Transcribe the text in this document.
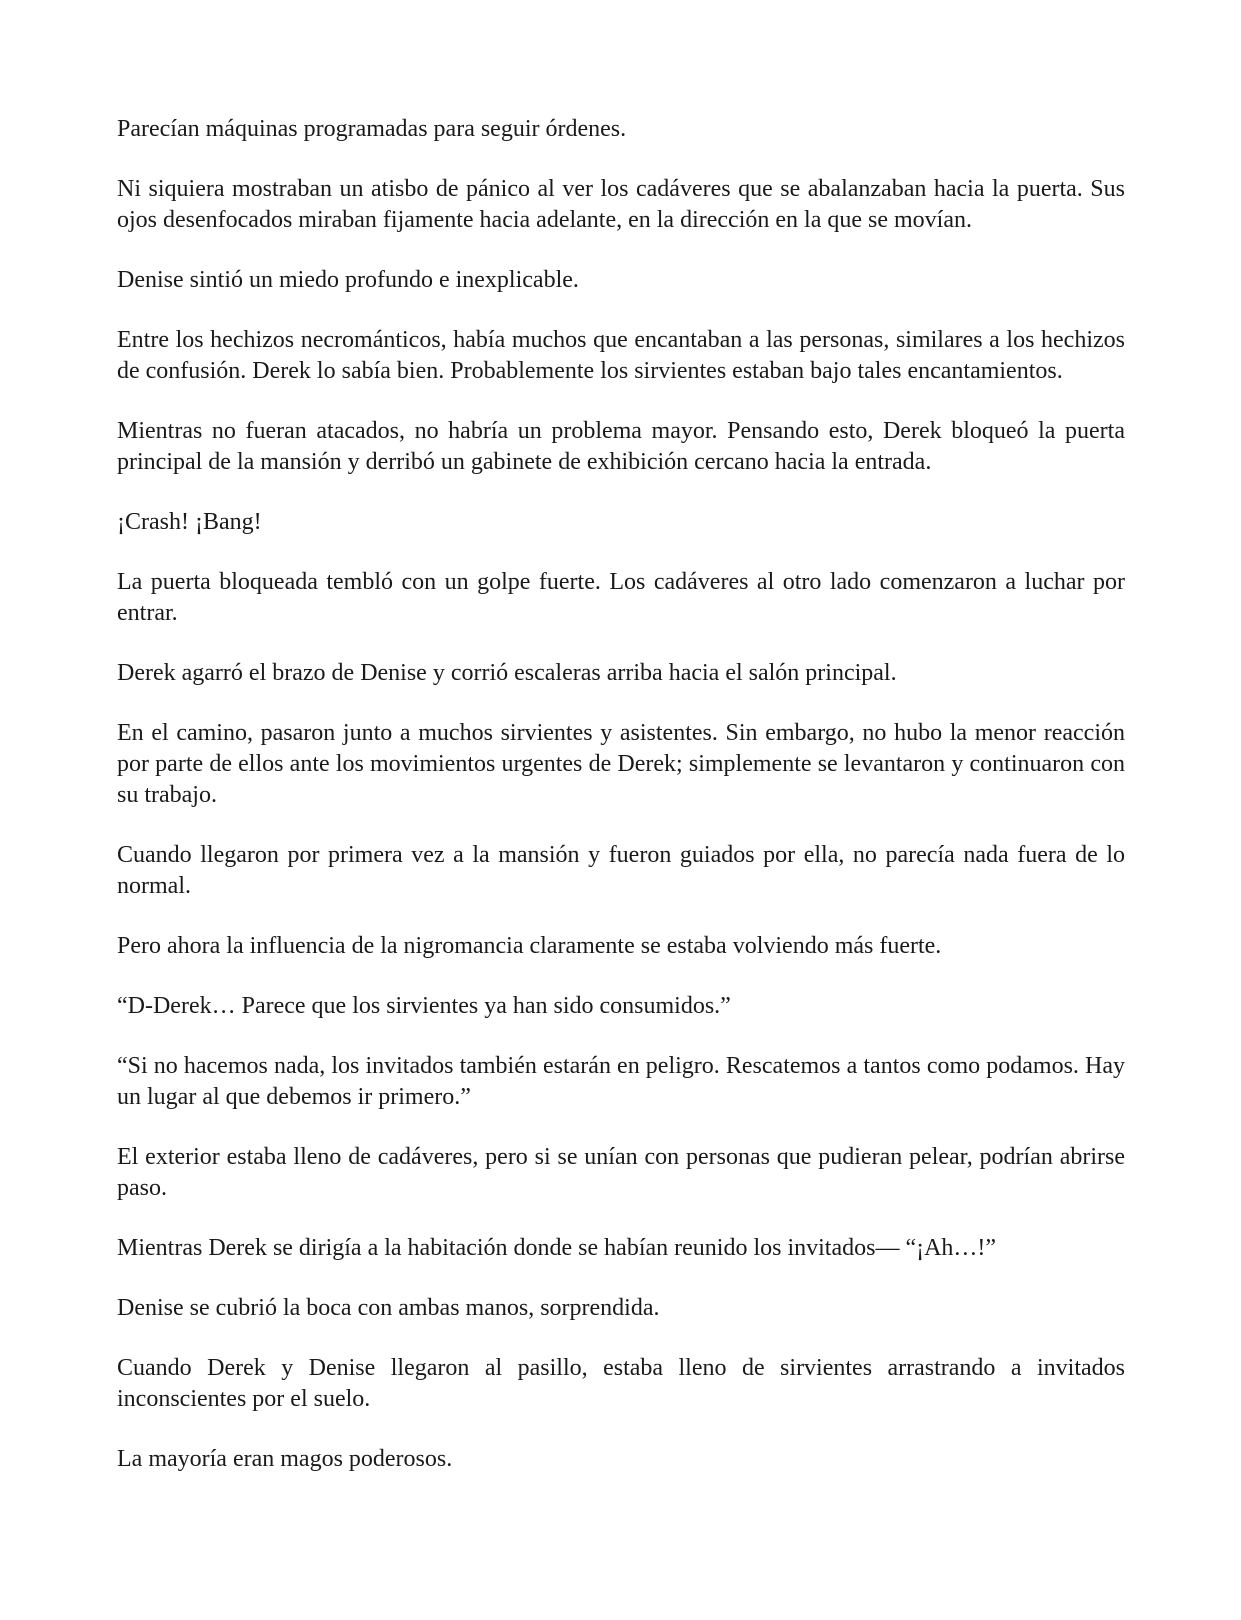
Parecían máquinas programadas para seguir órdenes.

Ni siquiera mostraban un atisbo de pánico al ver los cadáveres que se abalanzaban hacia la puerta. Sus ojos desenfocados miraban fijamente hacia adelante, en la dirección en la que se movían.

Denise sintió un miedo profundo e inexplicable.

Entre los hechizos necrománticos, había muchos que encantaban a las personas, similares a los hechizos de confusión. Derek lo sabía bien. Probablemente los sirvientes estaban bajo tales encantamientos.

Mientras no fueran atacados, no habría un problema mayor. Pensando esto, Derek bloqueó la puerta principal de la mansión y derribó un gabinete de exhibición cercano hacia la entrada.

¡Crash! ¡Bang!

La puerta bloqueada tembló con un golpe fuerte. Los cadáveres al otro lado comenzaron a luchar por entrar.

Derek agarró el brazo de Denise y corrió escaleras arriba hacia el salón principal.

En el camino, pasaron junto a muchos sirvientes y asistentes. Sin embargo, no hubo la menor reacción por parte de ellos ante los movimientos urgentes de Derek; simplemente se levantaron y continuaron con su trabajo.

Cuando llegaron por primera vez a la mansión y fueron guiados por ella, no parecía nada fuera de lo normal.

Pero ahora la influencia de la nigromancia claramente se estaba volviendo más fuerte.

“D-Derek… Parece que los sirvientes ya han sido consumidos.”

“Si no hacemos nada, los invitados también estarán en peligro. Rescatemos a tantos como podamos. Hay un lugar al que debemos ir primero.”

El exterior estaba lleno de cadáveres, pero si se unían con personas que pudieran pelear, podrían abrirse paso.

Mientras Derek se dirigía a la habitación donde se habían reunido los invitados— “¡Ah…!”

Denise se cubrió la boca con ambas manos, sorprendida.

Cuando Derek y Denise llegaron al pasillo, estaba lleno de sirvientes arrastrando a invitados inconscientes por el suelo.

La mayoría eran magos poderosos.
